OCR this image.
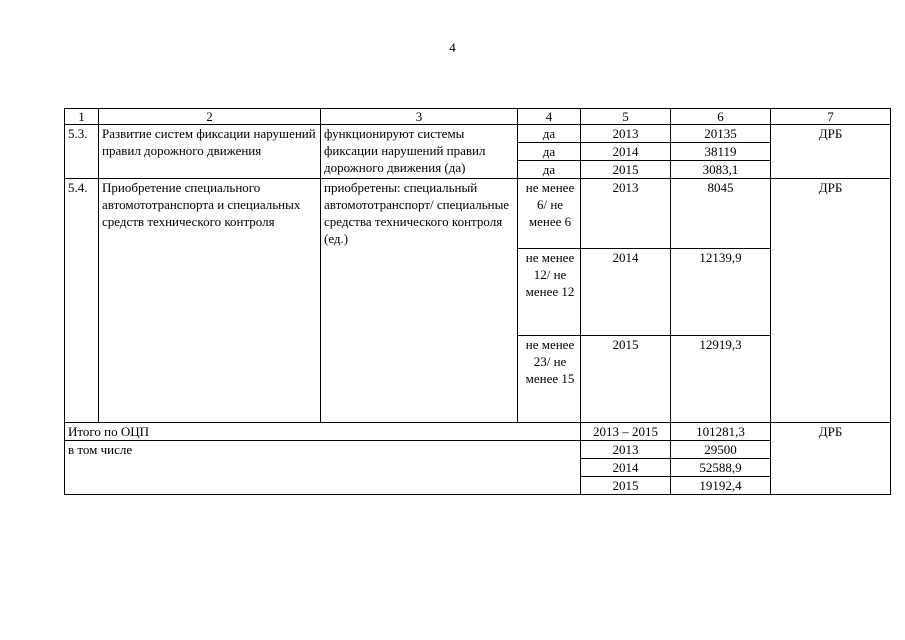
4
1	2	3	4	5	6	7
5.3.	Развитие систем фиксации нарушений правил дорожного движения	функционируют системы фиксации нарушений правил дорожного движения (да)	да	2013	20135	ДРБ
			да	2014	38119	
			да	2015	3083,1	
5.4.	Приобретение специального автомототранспорта и специальных средств технического контроля	приобретены: специальный автомототранспорт/ специальные средства технического контроля (ед.)	не менее 6/ не менее 6	2013	8045	ДРБ
			не менее 12/ не менее 12	2014	12139,9	
			не менее 23/ не менее 15	2015	12919,3	
Итого по ОЦП				2013 – 2015	101281,3	ДРБ
в том числе				2013	29500	
				2014	52588,9	
				2015	19192,4	
